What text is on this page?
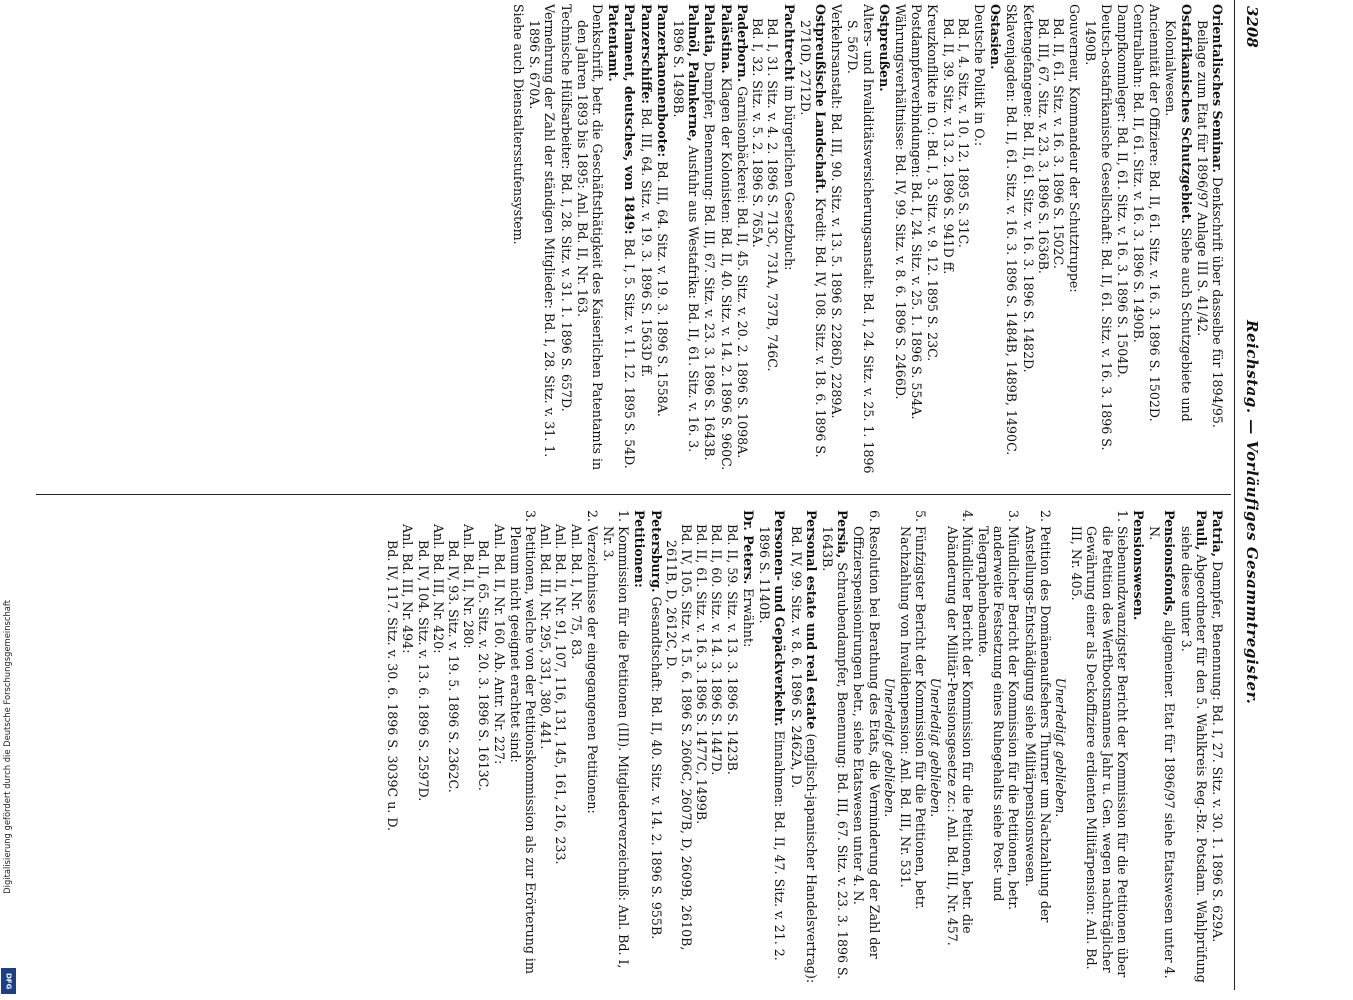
3208
Reichstag. — Vorläufiges Gesammtregister.

Orientalisches Seminar. Denkschrift über dasselbe für 1894/95. Beilage zum Etat für 1896/97 Anlage III S. 41/42.

Ostafrikanisches Schutzgebiet. Siehe auch Schutzgebiete und Kolonialwesen.

Anciennität der Offiziere: Bd. II, 61. Sitz. v. 16. 3. 1896 S. 1502D.

Centralbahn: Bd. II, 61. Sitz. v. 16. 3. 1896 S. 1490B.

Dampfkommleger: Bd. II, 61. Sitz. v. 16. 3. 1896 S. 1504D.

Deutsch-ostafrikanische Gesellschaft: Bd. II, 61. Sitz. v. 16. 3. 1896 S. 1490B.

Gouverneur, Kommandeur der Schutztruppe:

Bd. II, 61. Sitz. v. 16. 3. 1896 S. 1502C.

Bd. III, 67. Sitz. v. 23. 3. 1896 S. 1636B.

Kettengefangene: Bd. II, 61. Sitz. v. 16. 3. 1896 S. 1482D.

Sklavenjagden: Bd. II, 61. Sitz. v. 16. 3. 1896 S. 1484B, 1489B, 1490C.

Ostasien.

Deutsche Politik in O.:

Bd. I, 4. Sitz. v. 10. 12. 1895 S. 31C.

Bd. II, 39. Sitz. v. 13. 2. 1896 S. 941D ff.

Kreuzkonflikte in O.: Bd. I, 3. Sitz. v. 9. 12. 1895 S. 23C.

Postdampferverbindungen: Bd. I, 24. Sitz. v. 25. 1. 1896 S. 554A.

Währungsverhältnisse: Bd. IV, 99. Sitz. v. 8. 6. 1896 S. 2466D.

Ostpreußen.

Alters- und Invaliditätsversicherungsanstalt: Bd. I, 24. Sitz. v. 25. 1. 1896 S. 567D.

Verkehrsanstalt: Bd. III, 90. Sitz. v. 13. 5. 1896 S. 2286D, 2289A.

Ostpreußische Landschaft. Kredit: Bd. IV, 108. Sitz. v. 18. 6. 1896 S. 2710D, 2712D.

Pachtrecht im bürgerlichen Gesetzbuch:

Bd. I, 31. Sitz. v. 4. 2. 1896 S. 713C, 731A, 737B, 746C.

Bd. I, 32. Sitz. v. 5. 2. 1896 S. 765A.

Paderborn. Garnisonbäckerei: Bd. II, 45. Sitz. v. 20. 2. 1896 S. 1098A.

Palästina. Klagen der Kolonisten: Bd. II, 40. Sitz. v. 14. 2. 1896 S. 960C.

Palatia, Dampfer, Benennung: Bd. III, 67. Sitz. v. 23. 3. 1896 S. 1643B.

Palmöl, Palmkerne, Ausfuhr aus Westafrika: Bd. II, 61. Sitz. v. 16. 3. 1896 S. 1498B.

Panzerkanonenboote: Bd. III, 64. Sitz. v. 19. 3. 1896 S. 1558A.

Panzerschiffe: Bd. III, 64. Sitz. v. 19. 3. 1896 S. 1563D ff.

Parlament, deutsches, von 1849: Bd. I, 5. Sitz. v. 11. 12. 1895 S. 54D.

Patentamt.

Denkschrift, betr. die Geschäftsthätigkeit des Kaiserlichen Patentamts in den Jahren 1893 bis 1895: Anl. Bd. II, Nr. 163.

Technische Hülfsarbeiter: Bd. I, 28. Sitz. v. 31. 1. 1896 S. 657D.

Vermehrung der Zahl der ständigen Mitglieder: Bd. I, 28. Sitz. v. 31. 1. 1896 S. 670A.

Siehe auch Dienstaltersstufensystem.

Patria, Dampfer, Benennung: Bd. I, 27. Sitz. v. 30. 1. 1896 S. 629A.

Pauli, Abgeordneter für den 5. Wahlkreis Reg.-Bz. Potsdam. Wahlprüfung siehe diese unter 3.

Pensionsfonds, allgemeiner. Etat für 1896/97 siehe Etatswesen unter 4. N.

Pensionswesen.

1. Siebenundzwanzigster Bericht der Kommission für die Petitionen über die Petition des Werftbootsmannes Jahr u. Gen. wegen nachträglicher Gewährung einer als Deckoffiziere erdienten Militärpension: Anl. Bd. III, Nr. 405.

Unerledigt geblieben.

2. Petition des Domänenaufsehers Thurner um Nachzahlung der Anstellungs-Entschädigung siehe Militärpensionswesen.

3. Mündlicher Bericht der Kommission für die Petitionen, betr. anderweite Festsetzung eines Ruhegehalts siehe Post- und Telegraphenbeamte.

4. Mündlicher Bericht der Kommission für die Petitionen, betr. die Abänderung der Militär-Pensionsgesetze zc.: Anl. Bd. III, Nr. 457.

Unerledigt geblieben.

5. Fünfzigster Bericht der Kommission für die Petitionen, betr. Nachzahlung von Invalidenpension: Anl. Bd. III, Nr. 531.

Unerledigt geblieben.

6. Resolution bei Berathung des Etats, die Verminderung der Zahl der Offizierspensionirungen betr., siehe Etatswesen unter 4. N.

Persia, Schraubendampfer, Benennung: Bd. III, 67. Sitz. v. 23. 3. 1896 S. 1643B.

Personal estate und real estate (englisch-japanischer Handelsvertrag): Bd. IV, 99. Sitz. v. 8. 6. 1896 S. 2462A, D.

Personen- und Gepäckverkehr. Einnahmen: Bd. II, 47. Sitz. v. 21. 2. 1896 S. 1140B.

Dr. Peters. Erwähnt:

Bd. II, 59. Sitz. v. 13. 3. 1896 S. 1423B.

Bd. II, 60. Sitz. v. 14. 3. 1896 S. 1447D.

Bd. II, 61. Sitz. v. 16. 3. 1896 S. 1477C, 1499B.

Bd. IV, 105. Sitz. v. 15. 6. 1896 S. 2606C, 2607B, D, 2609B, 2610B, 2611B, D, 2612C, D.

Petersburg. Gesandtschaft: Bd. II, 40. Sitz. v. 14. 2. 1896 S. 955B.

Petitionen:

1. Kommission für die Petitionen (III). Mitgliederverzeichniß: Anl. Bd. I, Nr. 3.

2. Verzeichnisse der eingegangenen Petitionen:

Anl. Bd. I, Nr. 75, 83.

Anl. Bd. II, Nr. 91, 107, 116, 131, 145, 161, 216, 233.

Anl. Bd. III, Nr. 295, 331, 380, 441.

3. Petitionen, welche von der Petitionskommission als zur Erörterung im Plenum nicht geeignet erachtet sind:

Anl. Bd. II, Nr. 160. Ab. Antr. Nr. 227:

Bd. II, 65. Sitz. v. 20. 3. 1896 S. 1613C.

Anl. Bd. II, Nr. 280:

Bd. IV, 93. Sitz. v. 19. 5. 1896 S. 2362C.

Anl. Bd. III, Nr. 420:

Bd. IV, 104. Sitz. v. 13. 6. 1896 S. 2597D.

Anl. Bd. III, Nr. 494:

Bd. IV, 117. Sitz. v. 30. 6. 1896 S. 3039C u. D.

Digitalisierung gefördert durch die Deutsche Forschungsgemeinschaft
DFG
